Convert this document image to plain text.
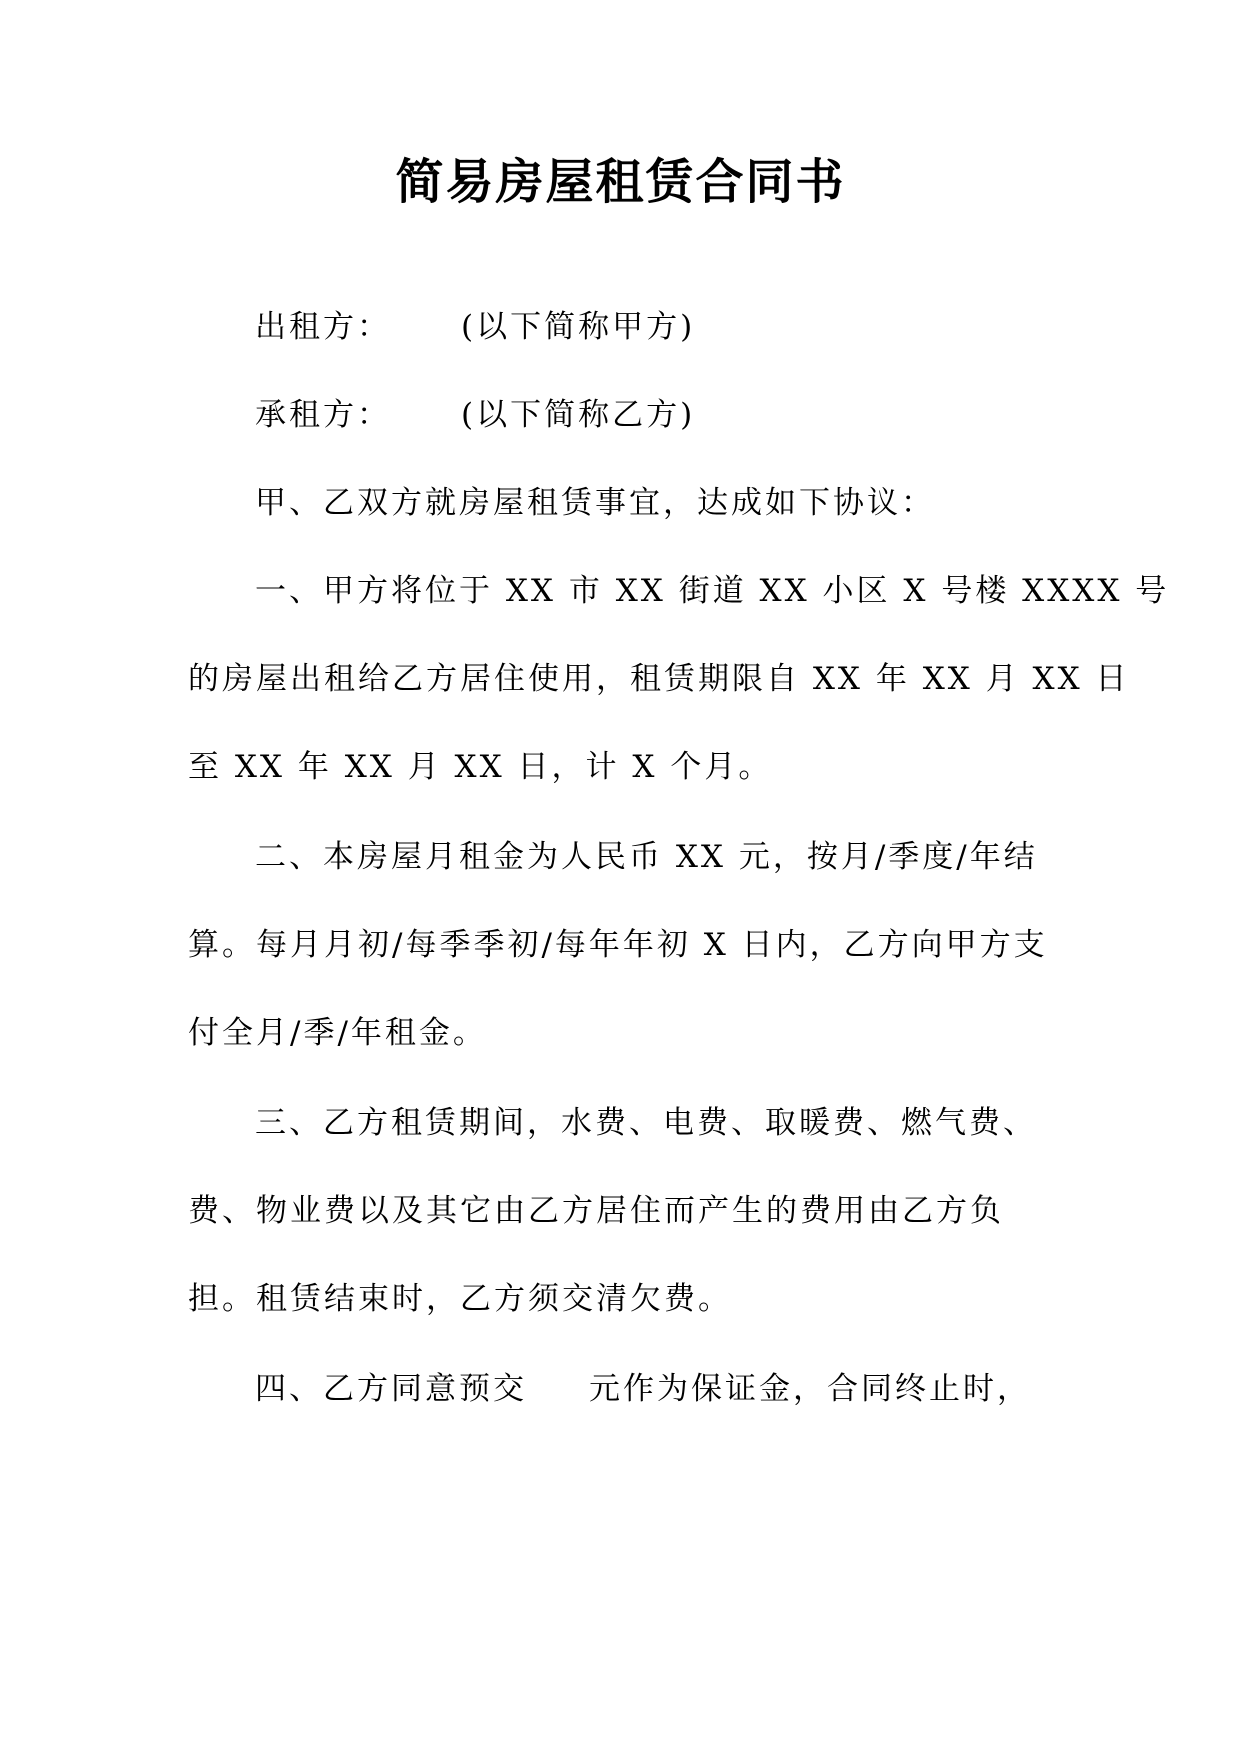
简易房屋租赁合同书
出租方： (以下简称甲方)
承租方： (以下简称乙方)
甲、乙双方就房屋租赁事宜，达成如下协议：
一、甲方将位于 XX 市 XX 街道 XX 小区 X 号楼 XXXX 号
的房屋出租给乙方居住使用，租赁期限自 XX 年 XX 月 XX 日
至 XX 年 XX 月 XX 日，计 X 个月。
二、本房屋月租金为人民币 XX 元，按月/季度/年结
算。每月月初/每季季初/每年年初 X 日内，乙方向甲方支
付全月/季/年租金。
三、乙方租赁期间，水费、电费、取暖费、燃气费、
费、物业费以及其它由乙方居住而产生的费用由乙方负
担。租赁结束时，乙方须交清欠费。
四、乙方同意预交 元作为保证金，合同终止时，
